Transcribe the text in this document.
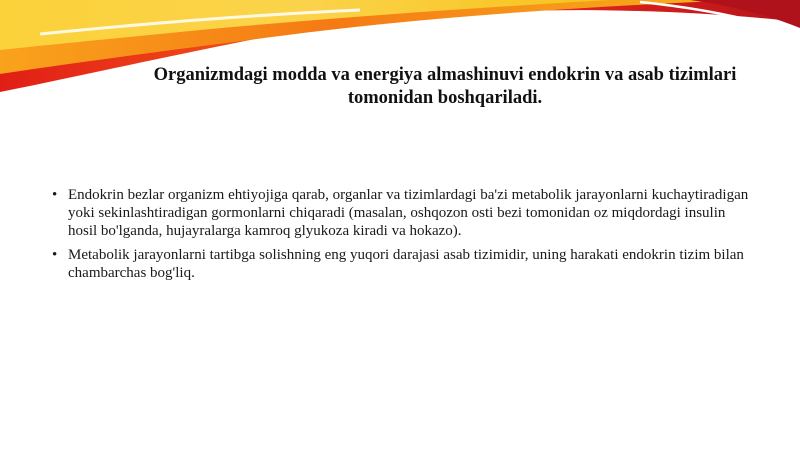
Organizmdagi modda va energiya almashinuvi endokrin va asab tizimlari tomonidan boshqariladi.
• Endokrin bezlar organizm ehtiyojiga qarab, organlar va tizimlardagi ba'zi metabolik jarayonlarni kuchaytiradigan yoki sekinlashtiradigan gormonlarni chiqaradi (masalan, oshqozon osti bezi tomonidan oz miqdordagi insulin hosil bo'lganda, hujayralarga kamroq glyukoza kiradi va hokazo).
• Metabolik jarayonlarni tartibga solishning eng yuqori darajasi asab tizimidir, uning harakati endokrin tizim bilan chambarchas bog'liq.
